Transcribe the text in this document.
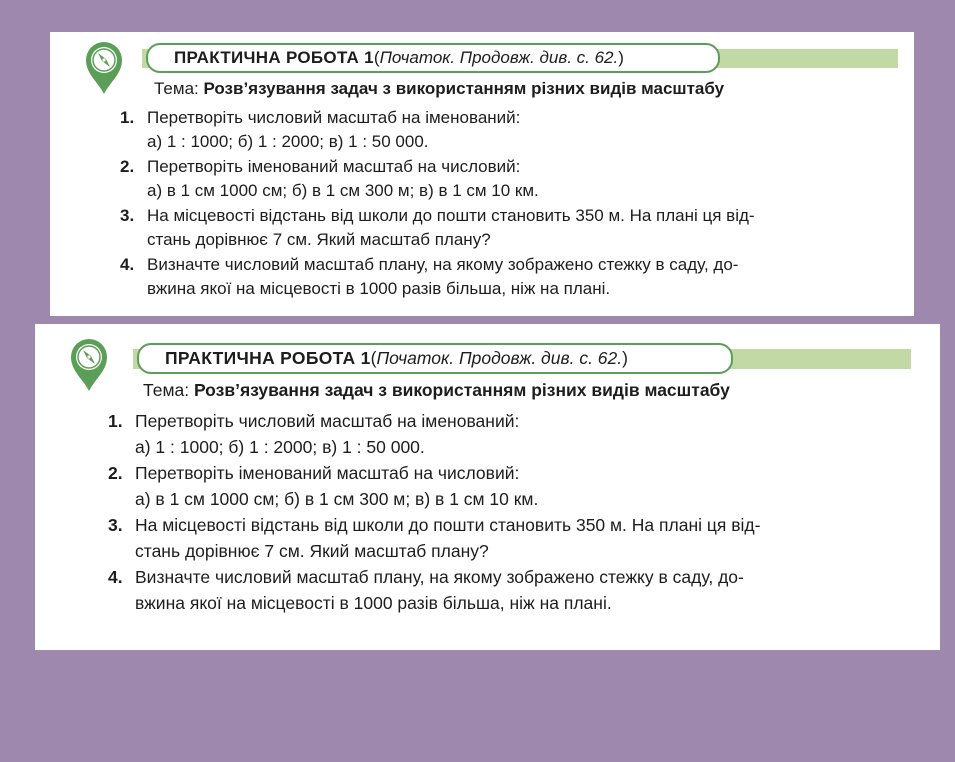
ПРАКТИЧНА РОБОТА 1 ( Початок. Продовж. див. с. 62. )
Тема: Розв’язування задач з використанням різних видів масштабу
1. Перетворіть числовий масштаб на іменований:
а) 1 : 1000; б) 1 : 2000; в) 1 : 50 000.
2. Перетворіть іменований масштаб на числовий:
а) в 1 см 1000 см; б) в 1 см 300 м; в) в 1 см 10 км.
3. На місцевості відстань від школи до пошти становить 350 м. На плані ця від-
стань дорівнює 7 см. Який масштаб плану?
4. Визначте числовий масштаб плану, на якому зображено стежку в саду, до-
вжина якої на місцевості в 1000 разів більша, ніж на плані.
ПРАКТИЧНА РОБОТА 1 ( Початок. Продовж. див. с. 62. )
Тема: Розв’язування задач з використанням різних видів масштабу
1. Перетворіть числовий масштаб на іменований:
а) 1 : 1000; б) 1 : 2000; в) 1 : 50 000.
2. Перетворіть іменований масштаб на числовий:
а) в 1 см 1000 см; б) в 1 см 300 м; в) в 1 см 10 км.
3. На місцевості відстань від школи до пошти становить 350 м. На плані ця від-
стань дорівнює 7 см. Який масштаб плану?
4. Визначте числовий масштаб плану, на якому зображено стежку в саду, до-
вжина якої на місцевості в 1000 разів більша, ніж на плані.
